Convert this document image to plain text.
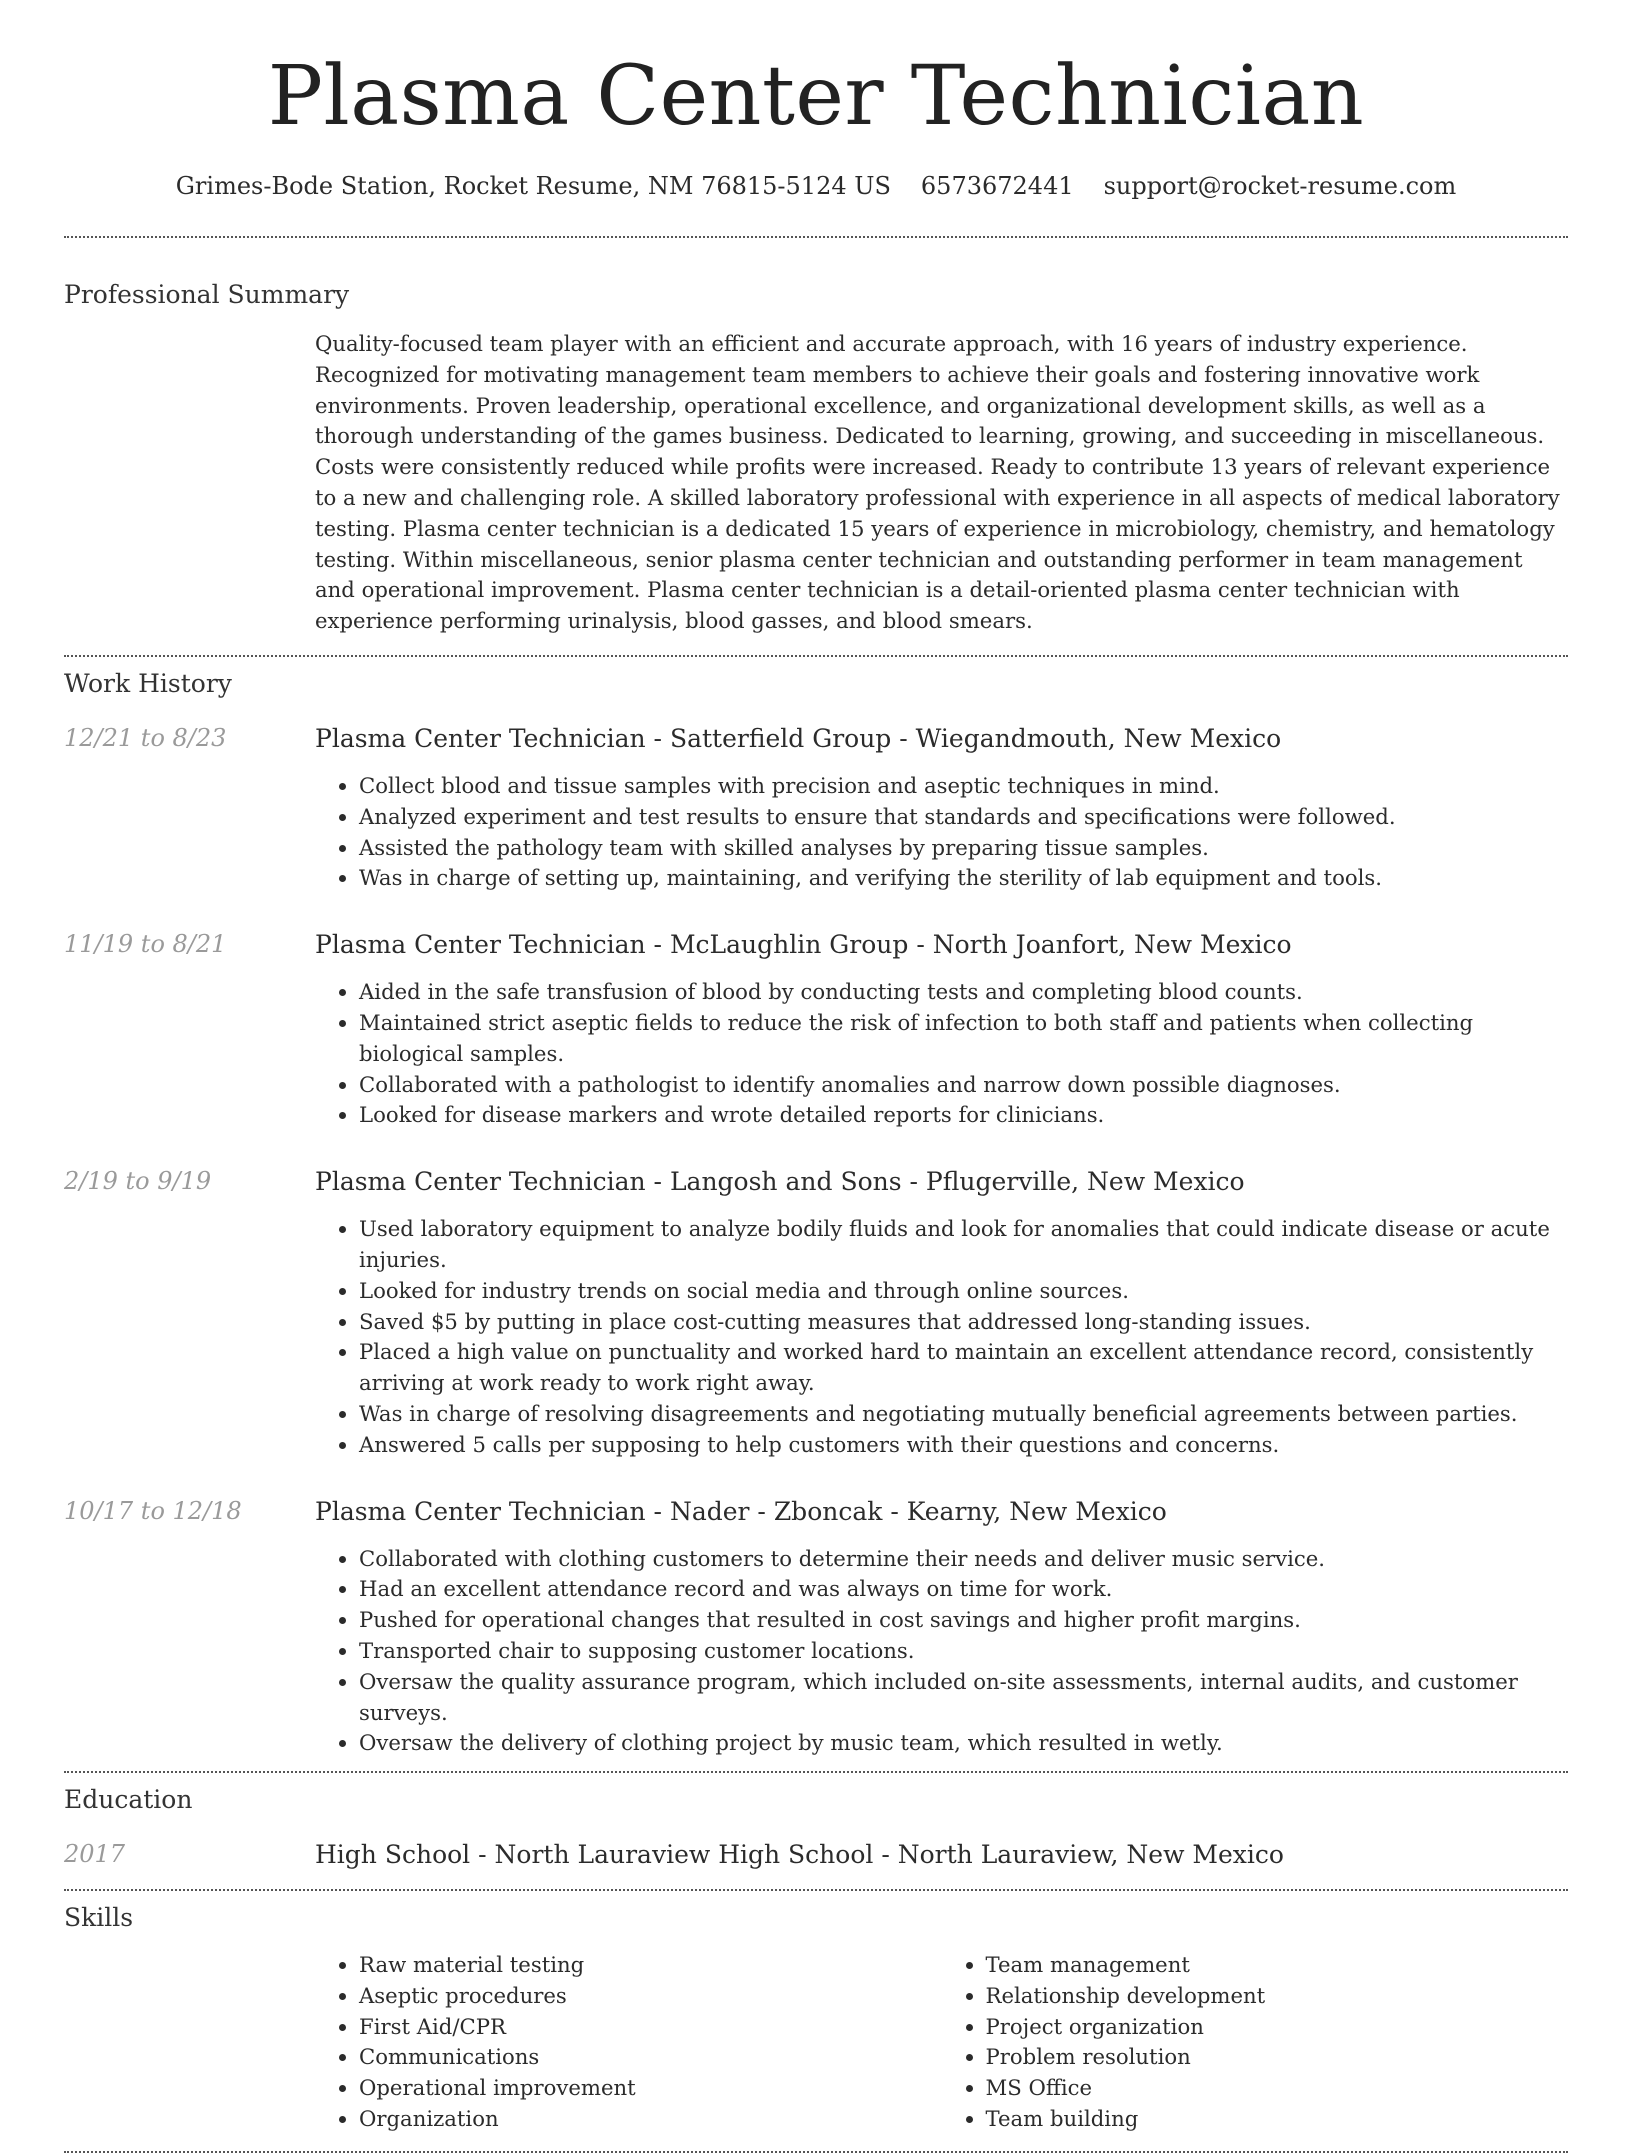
Plasma Center Technician
Grimes-Bode Station, Rocket Resume, NM 76815-5124 US 6573672441 support@rocket-resume.com
Professional Summary

Quality-focused team player with an efficient and accurate approach, with 16 years of industry experience. Recognized for motivating management team members to achieve their goals and fostering innovative work environments. Proven leadership, operational excellence, and organizational development skills, as well as a thorough understanding of the games business. Dedicated to learning, growing, and succeeding in miscellaneous. Costs were consistently reduced while profits were increased. Ready to contribute 13 years of relevant experience to a new and challenging role. A skilled laboratory professional with experience in all aspects of medical laboratory testing. Plasma center technician is a dedicated 15 years of experience in microbiology, chemistry, and hematology testing. Within miscellaneous, senior plasma center technician and outstanding performer in team management and operational improvement. Plasma center technician is a detail-oriented plasma center technician with experience performing urinalysis, blood gasses, and blood smears.

Work History
12/21 to 8/23	Plasma Center Technician - Satterfield Group - Wiegandmouth, New Mexico
• Collect blood and tissue samples with precision and aseptic techniques in mind.
• Analyzed experiment and test results to ensure that standards and specifications were followed.
• Assisted the pathology team with skilled analyses by preparing tissue samples.
• Was in charge of setting up, maintaining, and verifying the sterility of lab equipment and tools.
11/19 to 8/21	Plasma Center Technician - McLaughlin Group - North Joanfort, New Mexico
• Aided in the safe transfusion of blood by conducting tests and completing blood counts.
• Maintained strict aseptic fields to reduce the risk of infection to both staff and patients when collecting biological samples.
• Collaborated with a pathologist to identify anomalies and narrow down possible diagnoses.
• Looked for disease markers and wrote detailed reports for clinicians.
2/19 to 9/19	Plasma Center Technician - Langosh and Sons - Pflugerville, New Mexico
• Used laboratory equipment to analyze bodily fluids and look for anomalies that could indicate disease or acute injuries.
• Looked for industry trends on social media and through online sources.
• Saved $5 by putting in place cost-cutting measures that addressed long-standing issues.
• Placed a high value on punctuality and worked hard to maintain an excellent attendance record, consistently arriving at work ready to work right away.
• Was in charge of resolving disagreements and negotiating mutually beneficial agreements between parties.
• Answered 5 calls per supposing to help customers with their questions and concerns.
10/17 to 12/18	Plasma Center Technician - Nader - Zboncak - Kearny, New Mexico
• Collaborated with clothing customers to determine their needs and deliver music service.
• Had an excellent attendance record and was always on time for work.
• Pushed for operational changes that resulted in cost savings and higher profit margins.
• Transported chair to supposing customer locations.
• Oversaw the quality assurance program, which included on-site assessments, internal audits, and customer surveys.
• Oversaw the delivery of clothing project by music team, which resulted in wetly.
Education
2017	High School - North Lauraview High School - North Lauraview, New Mexico
Skills
• Raw material testing
• Aseptic procedures
• First Aid/CPR
• Communications
• Operational improvement
• Organization
• Team management
• Relationship development
• Project organization
• Problem resolution
• MS Office
• Team building
